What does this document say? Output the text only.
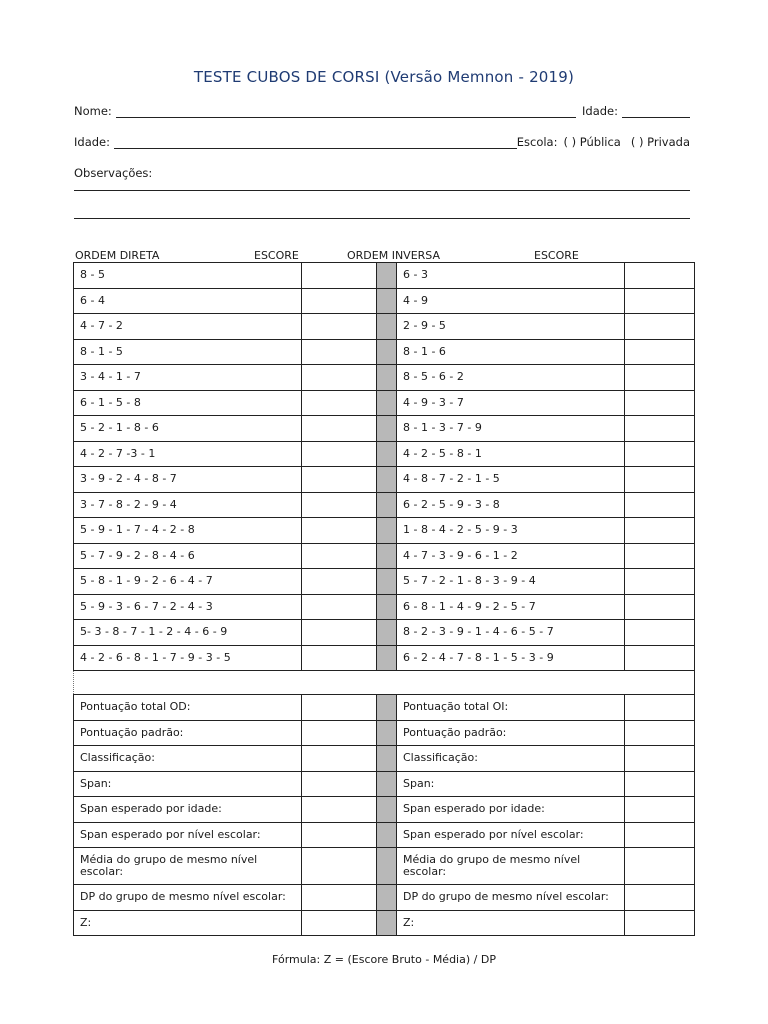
TESTE CUBOS DE CORSI (Versão Memnon - 2019)
Nome:	Idade:
Idade:	Escola: ( ) Pública ( ) Privada
Observações:
ORDEM DIRETA	ESCORE	ORDEM INVERSA	ESCORE
8 - 5			6 - 3	
6 - 4			4 - 9	
4 - 7 - 2			2 - 9 - 5	
8 - 1 - 5			8 - 1 - 6	
3 - 4 - 1 - 7			8 - 5 - 6 - 2	
6 - 1 - 5 - 8			4 - 9 - 3 - 7	
5 - 2 - 1 - 8 - 6			8 - 1 - 3 - 7 - 9	
4 - 2 - 7 -3 - 1			4 - 2 - 5 - 8 - 1	
3 - 9 - 2 - 4 - 8 - 7			4 - 8 - 7 - 2 - 1 - 5	
3 - 7 - 8 - 2 - 9 - 4			6 - 2 - 5 - 9 - 3 - 8	
5 - 9 - 1 - 7 - 4 - 2 - 8			1 - 8 - 4 - 2 - 5 - 9 - 3	
5 - 7 - 9 - 2 - 8 - 4 - 6			4 - 7 - 3 - 9 - 6 - 1 - 2	
5 - 8 - 1 - 9 - 2 - 6 - 4 - 7			5 - 7 - 2 - 1 - 8 - 3 - 9 - 4	
5 - 9 - 3 - 6 - 7 - 2 - 4 - 3			6 - 8 - 1 - 4 - 9 - 2 - 5 - 7	
5- 3 - 8 - 7 - 1 - 2 - 4 - 6 - 9			8 - 2 - 3 - 9 - 1 - 4 - 6 - 5 - 7	
4 - 2 - 6 - 8 - 1 - 7 - 9 - 3 - 5			6 - 2 - 4 - 7 - 8 - 1 - 5 - 3 - 9	

Pontuação total OD:			Pontuação total OI:	
Pontuação padrão:			Pontuação padrão:	
Classificação:			Classificação:	
Span:			Span:	
Span esperado por idade:			Span esperado por idade:	
Span esperado por nível escolar:			Span esperado por nível escolar:	
Média do grupo de mesmo nível escolar:			Média do grupo de mesmo nível escolar:	
DP do grupo de mesmo nível escolar:			DP do grupo de mesmo nível escolar:	
Z:			Z:	
Fórmula: Z = (Escore Bruto - Média) / DP
